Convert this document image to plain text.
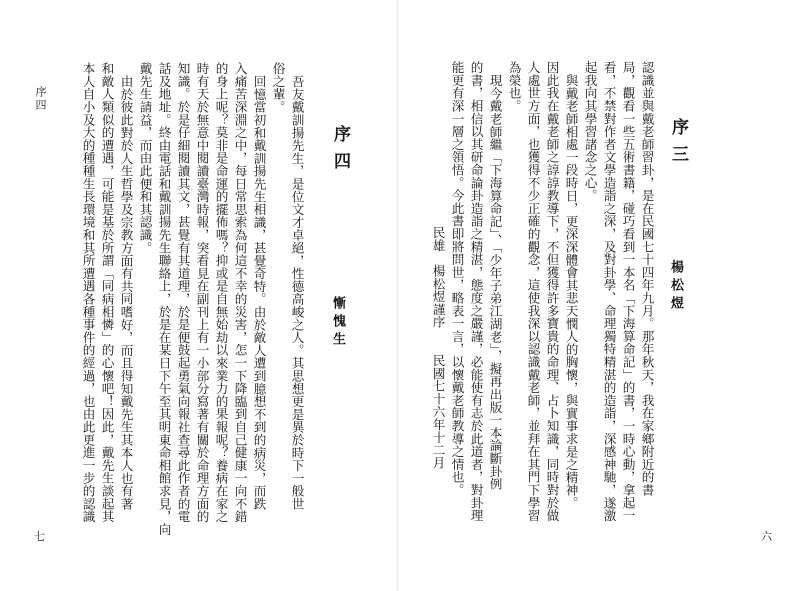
序三
楊松煜
認識並與戴老師習卦，是在民國七十四年九月。那年秋天，我在家鄉附近的書
局，觀看一些五術書籍，碰巧看到一本名「下海算命記」的書，一時心動，拿起一
看，不禁對作者文學造詣之深，及對卦學、命理獨特精湛的造詣，深感神馳，遂激
起我向其學習諸念之心。
與戴老師相處一段時日，更深深體會其悲天憫人的胸懷，與實事求是之精神。
因此我在戴老師之諄諄教導下，不但獲得許多寶貴的命理、占卜知識，同時對於做
人處世方面，也獲得不少正確的觀念，這使我深以認識戴老師，並拜在其門下學習
為榮也。
現今戴老師繼「下海算命記」、「少年子弟江湖老」，擬再出版一本論斷卦例
的書，相信以其研命論卦造詣之精湛，態度之嚴謹，必能使有志於此道者，對卦理
能更有深一層之領悟。今此書即將問世，略表一言，以懷戴老師教導之情也。
民雄　楊松煜謹序　　民國七十六年十二月
六
序四
慚愧生
吾友戴訓揚先生，是位文才卓絕，性德高峻之人。其思想更是異於時下一般世
俗之輩。
回憶當初和戴訓揚先生相識，甚覺奇特。由於敵人遭到臆想不到的病災，而跌
入痛苦深淵之中，每日常思索為何這不幸的災害，怎一下降臨到自己健康一向不錯
的身上呢？莫非是命運的擺佈嗎？抑或是自無始劫以來業力的果報呢？養病在家之
時有天於無意中閱讀臺灣時報，突看見在副刊上有一小部分寫著有關於命理方面的
知識。於是仔細閱讀其文，甚覺有其道理，於是便鼓起勇氣向報社查尋此作者的電
話及地址。終由電話和戴訓揚先生聯絡上，於是在某日下午至其明東命相館求見，向
戴先生請益，而由此便和其認識。
由於彼此對於人生哲學及宗教方面有共同嗜好，而且得知戴先生其本人也有著
和敵人類似的遭遇，可能是基於所謂「同病相憐」的心懷吧！因此，戴先生談起其
本人自小及大的種種生長環境和其所遭遇各種事件的經過，也由此更進一步的認識
序四
七
